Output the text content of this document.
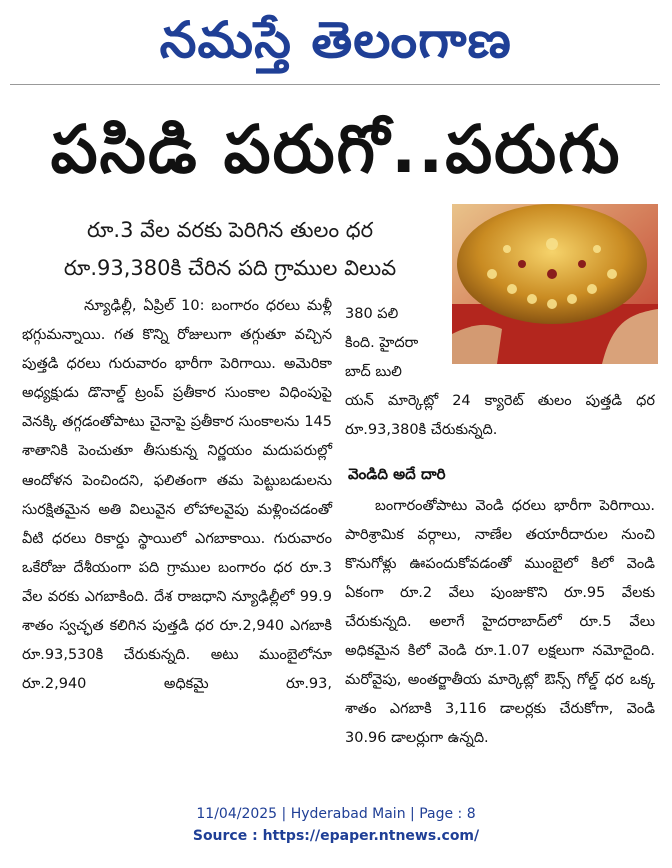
నమస్తే తెలంగాణ
పసిడి పరుగో..పరుగు
రూ.3 వేల వరకు పెరిగిన తులం ధర
రూ.93,380కి చేరిన పది గ్రాముల విలువ

న్యూఢిల్లీ, ఏప్రిల్ 10: బంగారం ధరలు మళ్లీ భగ్గుమన్నాయి. గత కొన్ని రోజులుగా తగ్గుతూ వచ్చిన పుత్తడి ధరలు గురువారం భారీగా పెరిగాయి. అమెరికా అధ్యక్షుడు డొనాల్డ్ ట్రంప్ ప్రతీకార సుంకాల విధింపుపై వెనక్కి తగ్గడంతోపాటు చైనాపై ప్రతీకార సుంకాలను 145 శాతానికి పెంచుతూ తీసుకున్న నిర్ణయం మదుపరుల్లో ఆందోళన పెంచిందని, ఫలితంగా తమ పెట్టుబడులను సురక్షితమైన అతి విలువైన లోహాలవైపు మళ్లించడంతో వీటి ధరలు రికార్డు స్థాయిలో ఎగబాకాయి. గురువారం ఒకేరోజు దేశీయంగా పది గ్రాముల బంగారం ధర రూ.3 వేల వరకు ఎగబాకింది. దేశ రాజధాని న్యూఢిల్లీలో 99.9 శాతం స్వచ్ఛత కలిగిన పుత్తడి ధర రూ.2,940 ఎగబాకి రూ.93,530కి చేరుకున్నది. అటు ముంబైలోనూ రూ.2,940 అధికమై రూ.93,

380 పలి
కింది. హైదరా
బాద్ బులి

యన్ మార్కెట్లో 24 క్యారెట్ తులం పుత్తడి ధర రూ.93,380కి చేరుకున్నది.

వెండిది అదే దారి

బంగారంతోపాటు వెండి ధరలు భారీగా పెరిగాయి. పారిశ్రామిక వర్గాలు, నాణేల తయారీదారుల నుంచి కొనుగోళ్లు ఊపందుకోవడంతో ముంబైలో కిలో వెండి ఏకంగా రూ.2 వేలు పుంజుకొని రూ.95 వేలకు చేరుకున్నది. అలాగే హైదరాబాద్‌లో రూ.5 వేలు అధికమైన కిలో వెండి రూ.1.07 లక్షలుగా నమోదైంది. మరోవైపు, అంతర్జాతీయ మార్కెట్లో ఔన్స్ గోల్డ్ ధర ఒక్క శాతం ఎగబాకి 3,116 డాలర్లకు చేరుకోగా, వెండి 30.96 డాలర్లుగా ఉన్నది.

11/04/2025 | Hyderabad Main | Page : 8
Source : https://epaper.ntnews.com/
